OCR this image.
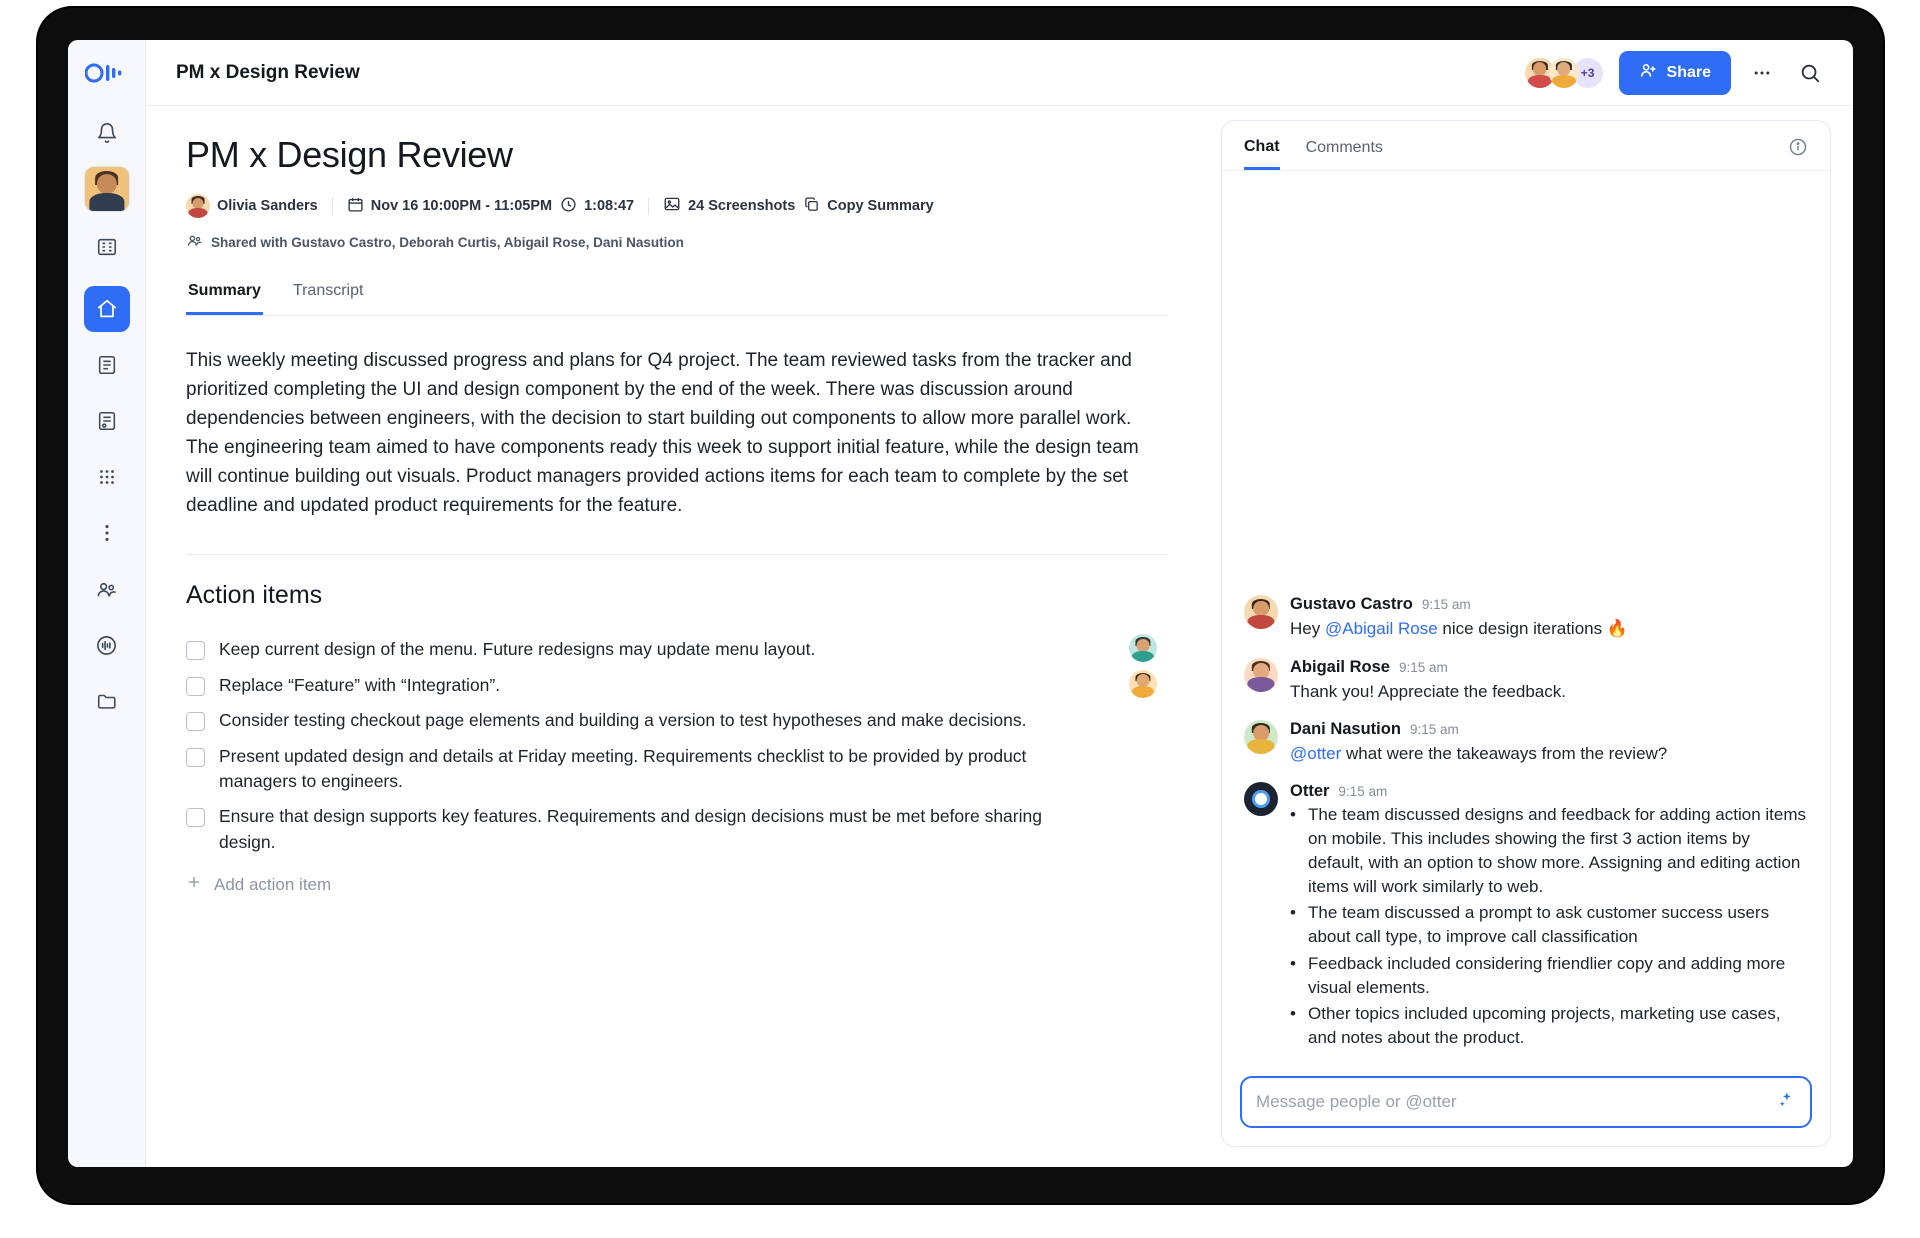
PM x Design Review	+3	Share
PM x Design Review
Olivia Sanders	Nov 16 10:00PM - 11:05PM 1:08:47	24 Screenshots Copy Summary
Shared with Gustavo Castro, Deborah Curtis, Abigail Rose, Dani Nasution
Summary Transcript
This weekly meeting discussed progress and plans for Q4 project. The team reviewed tasks from the tracker and prioritized completing the UI and design component by the end of the week. There was discussion around dependencies between engineers, with the decision to start building out components to allow more parallel work. The engineering team aimed to have components ready this week to support initial feature, while the design team will continue building out visuals. Product managers provided actions items for each team to complete by the set deadline and updated product requirements for the feature.
Action items
Keep current design of the menu. Future redesigns may update menu layout.
Replace “Feature” with “Integration”.
Consider testing checkout page elements and building a version to test hypotheses and make decisions.
Present updated design and details at Friday meeting. Requirements checklist to be provided by product managers to engineers.
Ensure that design supports key features. Requirements and design decisions must be met before sharing design.
Add action item
Chat Comments
Gustavo Castro 9:15 am
Hey @Abigail Rose nice design iterations 🔥
Abigail Rose 9:15 am
Thank you! Appreciate the feedback.
Dani Nasution 9:15 am
@otter what were the takeaways from the review?
Otter 9:15 am
• The team discussed designs and feedback for adding action items on mobile. This includes showing the first 3 action items by default, with an option to show more. Assigning and editing action items will work similarly to web.
• The team discussed a prompt to ask customer success users about call type, to improve call classification
• Feedback included considering friendlier copy and adding more visual elements.
• Other topics included upcoming projects, marketing use cases, and notes about the product.
Message people or @otter
